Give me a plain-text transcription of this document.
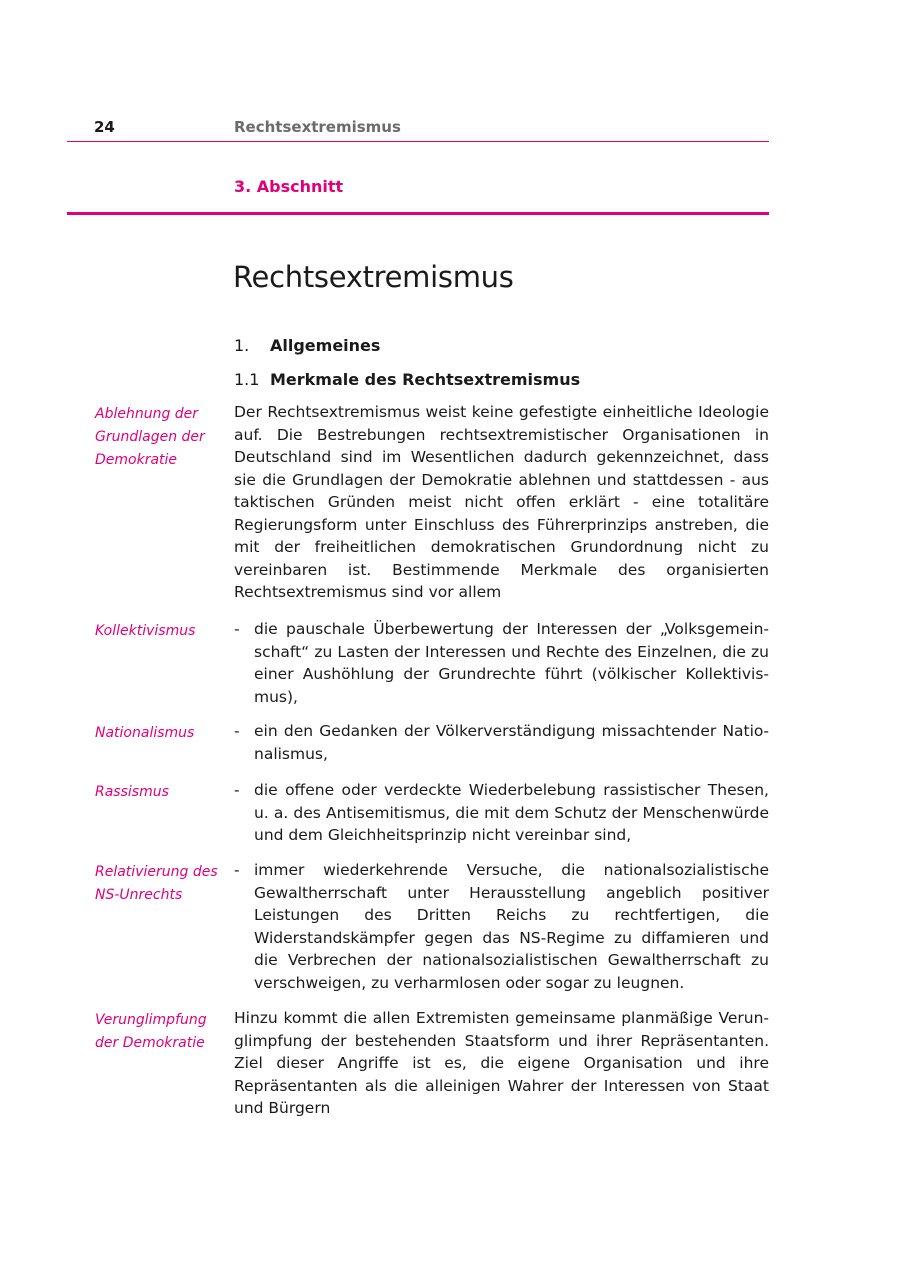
24	Rechtsextremismus
3. Abschnitt
Rechtsextremismus
1. Allgemeines
1.1 Merkmale des Rechtsextremismus
Ablehnung der Grundlagen der Demokratie
Kollektivismus
Nationalismus
Rassismus
Relativierung des NS-Unrechts
Verunglimpfung der Demokratie
Der Rechtsextremismus weist keine gefestigte einheitliche Ideologie auf. Die Bestrebungen rechtsextremistischer Organisationen in Deutschland sind im Wesentlichen dadurch gekennzeichnet, dass sie die Grundlagen der Demokratie ablehnen und stattdessen - aus taktischen Gründen meist nicht offen erklärt - eine totalitäre Regierungsform unter Einschluss des Führerprinzips anstreben, die mit der freiheitlichen demokratischen Grundordnung nicht zu vereinbaren ist. Bestimmende Merkmale des organisierten Rechtsextremismus sind vor allem
- die pauschale Überbewertung der Interessen der „Volksgemeinschaft“ zu Lasten der Interessen und Rechte des Einzelnen, die zu einer Aushöhlung der Grundrechte führt (völkischer Kollektivismus),
- ein den Gedanken der Völkerverständigung missachtender Nationalismus,
- die offene oder verdeckte Wiederbelebung rassistischer Thesen, u. a. des Antisemitismus, die mit dem Schutz der Menschenwürde und dem Gleichheitsprinzip nicht vereinbar sind,
- immer wiederkehrende Versuche, die nationalsozialistische Gewaltherrschaft unter Herausstellung angeblich positiver Leistungen des Dritten Reichs zu rechtfertigen, die Widerstandskämpfer gegen das NS-Regime zu diffamieren und die Verbrechen der nationalsozialistischen Gewaltherrschaft zu verschweigen, zu verharmlosen oder sogar zu leugnen.
Hinzu kommt die allen Extremisten gemeinsame planmäßige Verunglimpfung der bestehenden Staatsform und ihrer Repräsentanten. Ziel dieser Angriffe ist es, die eigene Organisation und ihre Repräsentanten als die alleinigen Wahrer der Interessen von Staat und Bürgern
